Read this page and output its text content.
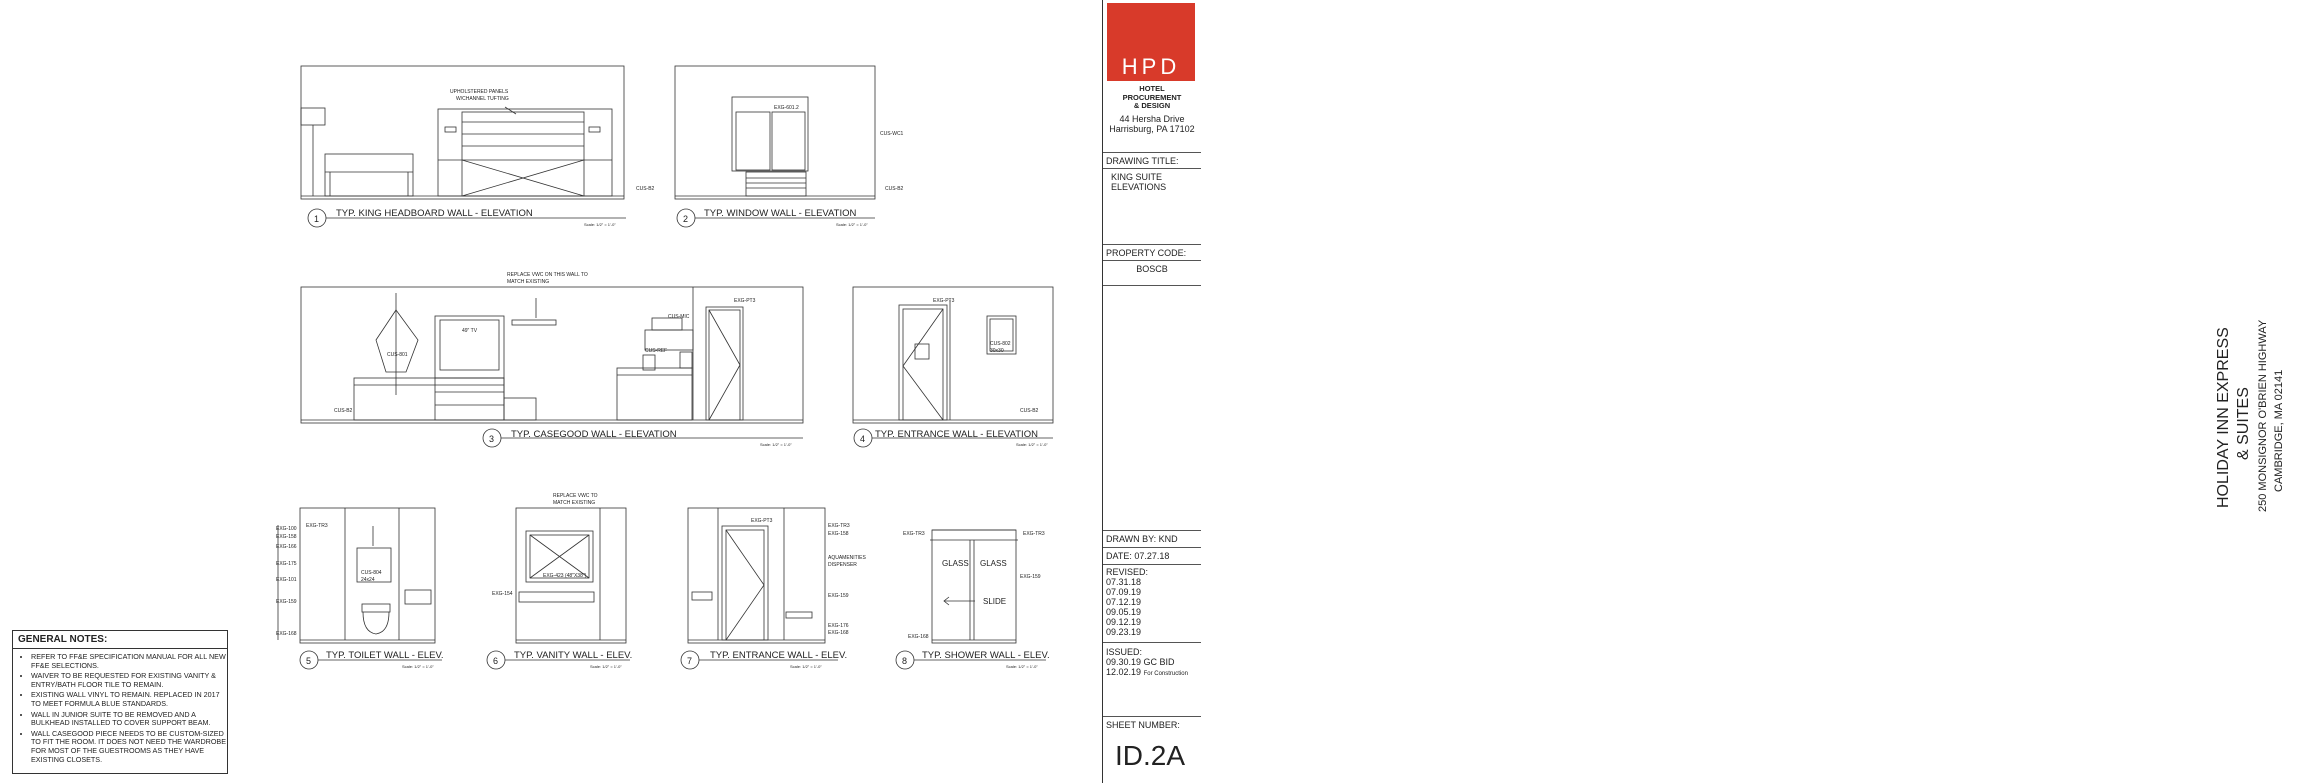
UPHOLSTERED PANELS
W/CHANNEL TUFTING
CUS-B2
1 TYP. KING HEADBOARD WALL - ELEVATION
Scale: 1/2" = 1'-0"
EXG-601.2
CUS-WC1
CUS-B2
2 TYP. WINDOW WALL - ELEVATION
Scale: 1/2" = 1'-0"
REPLACE VWC ON THIS WALL TO
MATCH EXISTING
CUS-801
49" TV
CUS-MIC
CUS-REF
EXG-PT3
CUS-B2
3 TYP. CASEGOOD WALL - ELEVATION
Scale: 1/2" = 1'-0"
EXG-PT3
CUS-802
30x30
CUS-B2
4 TYP. ENTRANCE WALL - ELEVATION
Scale: 1/2" = 1'-0"
EXG-TR3
EXG-100
EXG-158
EXG-166
EXG-175
EXG-101
EXG-159
EXG-168
CUS-804
24x24
5 TYP. TOILET WALL - ELEV.
Scale: 1/2" = 1'-0"
REPLACE VWC TO
MATCH EXISTING
EXG-423 (48"X38")
EXG-154
6 TYP. VANITY WALL - ELEV.
Scale: 1/2" = 1'-0"
EXG-PT3
EXG-TR3
EXG-158
AQUAMENITIES
DISPENSER
EXG-159
EXG-176
EXG-168
7 TYP. ENTRANCE WALL - ELEV.
Scale: 1/2" = 1'-0"
EXG-TR3	EXG-TR3
EXG-159
EXG-168
GLASS GLASS
SLIDE
8 TYP. SHOWER WALL - ELEV.
Scale: 1/2" = 1'-0"
GENERAL NOTES:
• REFER TO FF&E SPECIFICATION MANUAL FOR ALL NEW FF&E SELECTIONS.
• WAIVER TO BE REQUESTED FOR EXISTING VANITY & ENTRY/BATH FLOOR TILE TO REMAIN.
• EXISTING WALL VINYL TO REMAIN. REPLACED IN 2017 TO MEET FORMULA BLUE STANDARDS.
• WALL IN JUNIOR SUITE TO BE REMOVED AND A BULKHEAD INSTALLED TO COVER SUPPORT BEAM.
• WALL CASEGOOD PIECE NEEDS TO BE CUSTOM-SIZED TO FIT THE ROOM. IT DOES NOT NEED THE WARDROBE FOR MOST OF THE GUESTROOMS AS THEY HAVE EXISTING CLOSETS.
HPD
HOTEL
PROCUREMENT
& DESIGN
44 Hersha Drive
Harrisburg, PA 17102
DRAWING TITLE:
KING SUITE
ELEVATIONS
PROPERTY CODE:
BOSCB
HOLIDAY INN EXPRESS & SUITES 250 MONSIGNOR O'BRIEN HIGHWAY CAMBRIDGE, MA 02141
DRAWN BY: KND
DATE: 07.27.18
REVISED:
07.31.18
07.09.19
07.12.19
09.05.19
09.12.19
09.23.19
ISSUED:
09.30.19 GC BID
12.02.19 For Construction
SHEET NUMBER:
ID.2A
